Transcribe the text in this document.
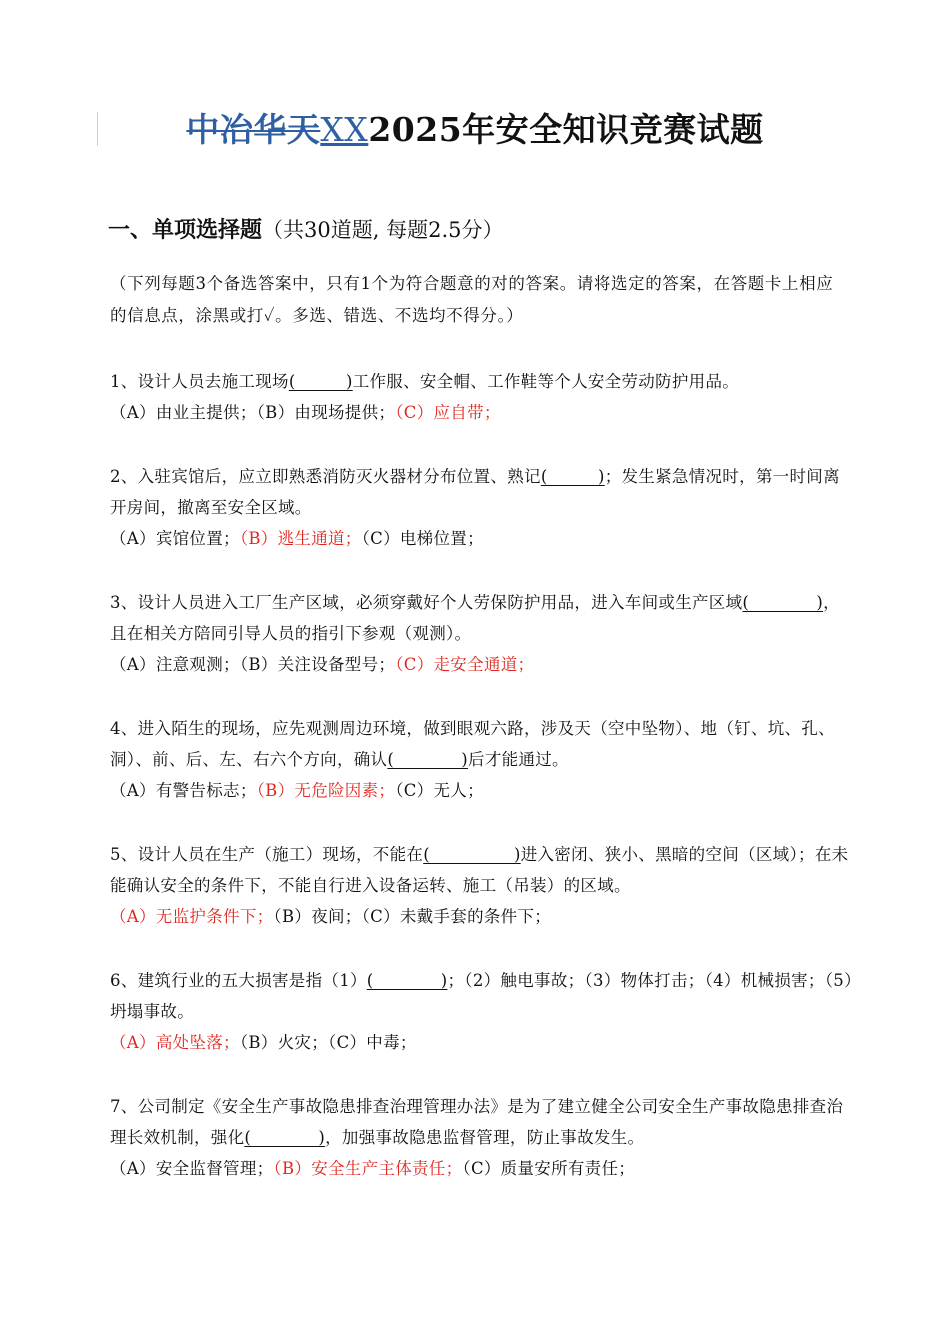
中冶华天XX2025年安全知识竞赛试题
一、单项选择题（共30道题, 每题2.5分）
（下列每题3个备选答案中，只有1个为符合题意的对的答案。请将选定的答案，在答题卡上相应的信息点，涂黑或打✓。多选、错选、不选均不得分。）

1、设计人员去施工现场(　　　)工作服、安全帽、工作鞋等个人安全劳动防护用品。

（A）由业主提供；（B）由现场提供；（C）应自带；

2、入驻宾馆后，应立即熟悉消防灭火器材分布位置、熟记(　　　)；发生紧急情况时，第一时间离开房间，撤离至安全区域。

（A）宾馆位置；（B）逃生通道；（C）电梯位置；

3、设计人员进入工厂生产区域，必须穿戴好个人劳保防护用品，进入车间或生产区域(　　　　)，且在相关方陪同引导人员的指引下参观（观测）。

（A）注意观测；（B）关注设备型号；（C）走安全通道；

4、进入陌生的现场，应先观测周边环境，做到眼观六路，涉及天（空中坠物）、地（钉、坑、孔、洞）、前、后、左、右六个方向，确认(　　　　)后才能通过。

（A）有警告标志；（B）无危险因素；（C）无人；

5、设计人员在生产（施工）现场，不能在(　　　　　)进入密闭、狭小、黑暗的空间（区域）；在未能确认安全的条件下，不能自行进入设备运转、施工（吊装）的区域。

（A）无监护条件下；（B）夜间；（C）未戴手套的条件下；

6、建筑行业的五大损害是指（1）(　　　　)；（2）触电事故；（3）物体打击；（4）机械损害；（5）坍塌事故。

（A）高处坠落；（B）火灾；（C）中毒；

7、公司制定《安全生产事故隐患排查治理管理办法》是为了建立健全公司安全生产事故隐患排查治理长效机制，强化(　　　　)，加强事故隐患监督管理，防止事故发生。

（A）安全监督管理；（B）安全生产主体责任；（C）质量安所有责任；
